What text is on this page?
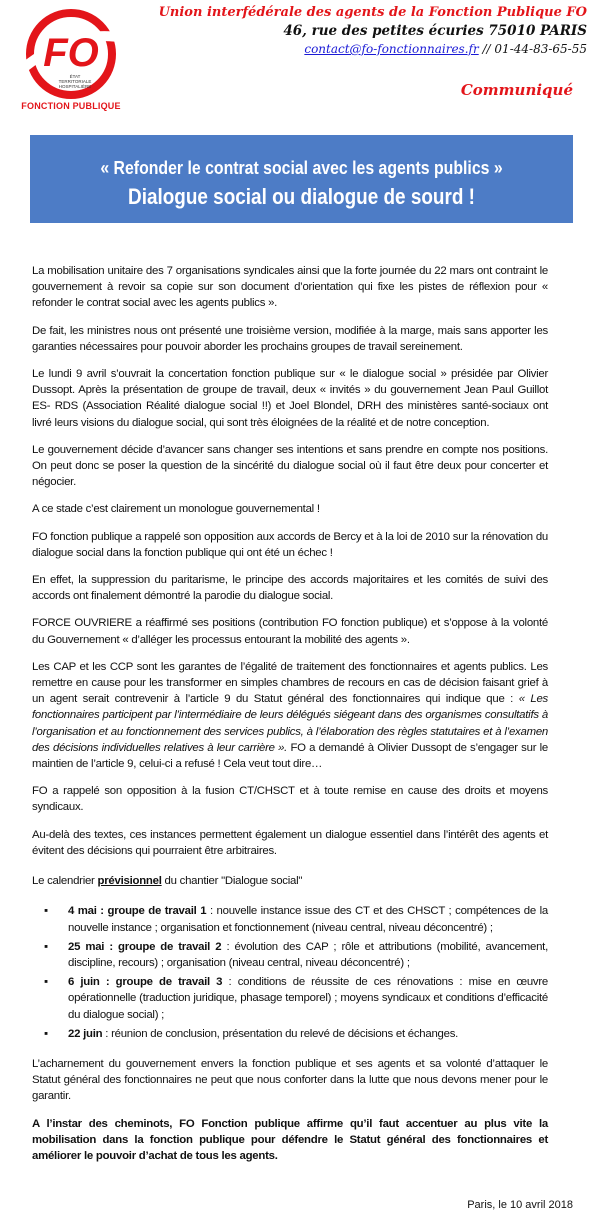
FO
ÉTAT TERRITORIALE HOSPITALIÈRE
FONCTION PUBLIQUE
Union interfédérale des agents de la Fonction Publique FO
46, rue des petites écuries 75010 PARIS
contact@fo-fonctionnaires.fr // 01-44-83-65-55
Communiqué
« Refonder le contrat social avec les agents publics »
Dialogue social ou dialogue de sourd !

La mobilisation unitaire des 7 organisations syndicales ainsi que la forte journée du 22 mars ont contraint le gouvernement à revoir sa copie sur son document d’orientation qui fixe les pistes de réflexion pour « refonder le contrat social avec les agents publics ».

De fait, les ministres nous ont présenté une troisième version, modifiée à la marge, mais sans apporter les garanties nécessaires pour pouvoir aborder les prochains groupes de travail sereinement.

Le lundi 9 avril s’ouvrait la concertation fonction publique sur « le dialogue social » présidée par Olivier Dussopt. Après la présentation de groupe de travail, deux « invités » du gouvernement Jean Paul Guillot ES- RDS (Association Réalité dialogue social !!) et Joel Blondel, DRH des ministères santé-sociaux ont livré leurs visions du dialogue social, qui sont très éloignées de la réalité et de notre conception.

Le gouvernement décide d’avancer sans changer ses intentions et sans prendre en compte nos positions. On peut donc se poser la question de la sincérité du dialogue social où il faut être deux pour concerter et négocier.

A ce stade c’est clairement un monologue gouvernemental !

FO fonction publique a rappelé son opposition aux accords de Bercy et à la loi de 2010 sur la rénovation du dialogue social dans la fonction publique qui ont été un échec !

En effet, la suppression du paritarisme, le principe des accords majoritaires et les comités de suivi des accords ont finalement démontré la parodie du dialogue social.

FORCE OUVRIERE a réaffirmé ses positions (contribution FO fonction publique) et s’oppose à la volonté du Gouvernement « d’alléger les processus entourant la mobilité des agents ».

Les CAP et les CCP sont les garantes de l’égalité de traitement des fonctionnaires et agents publics. Les remettre en cause pour les transformer en simples chambres de recours en cas de décision faisant grief à un agent serait contrevenir à l’article 9 du Statut général des fonctionnaires qui indique que : « Les fonctionnaires participent par l’intermédiaire de leurs délégués siégeant dans des organismes consultatifs à l’organisation et au fonctionnement des services publics, à l’élaboration des règles statutaires et à l’examen des décisions individuelles relatives à leur carrière ». FO a demandé à Olivier Dussopt de s’engager sur le maintien de l’article 9, celui-ci a refusé ! Cela veut tout dire…

FO a rappelé son opposition à la fusion CT/CHSCT et à toute remise en cause des droits et moyens syndicaux.

Au-delà des textes, ces instances permettent également un dialogue essentiel dans l’intérêt des agents et évitent des décisions qui pourraient être arbitraires.

Le calendrier prévisionnel du chantier "Dialogue social"

▪ 4 mai : groupe de travail 1 : nouvelle instance issue des CT et des CHSCT ; compétences de la nouvelle instance ; organisation et fonctionnement (niveau central, niveau déconcentré) ;
▪ 25 mai : groupe de travail 2 : évolution des CAP ; rôle et attributions (mobilité, avancement, discipline, recours) ; organisation (niveau central, niveau déconcentré) ;
▪ 6 juin : groupe de travail 3 : conditions de réussite de ces rénovations : mise en œuvre opérationnelle (traduction juridique, phasage temporel) ; moyens syndicaux et conditions d’efficacité du dialogue social) ;
▪ 22 juin : réunion de conclusion, présentation du relevé de décisions et échanges.

L’acharnement du gouvernement envers la fonction publique et ses agents et sa volonté d’attaquer le Statut général des fonctionnaires ne peut que nous conforter dans la lutte que nous devons mener pour le garantir.

A l’instar des cheminots, FO Fonction publique affirme qu’il faut accentuer au plus vite la mobilisation dans la fonction publique pour défendre le Statut général des fonctionnaires et améliorer le pouvoir d’achat de tous les agents.

Paris, le 10 avril 2018
